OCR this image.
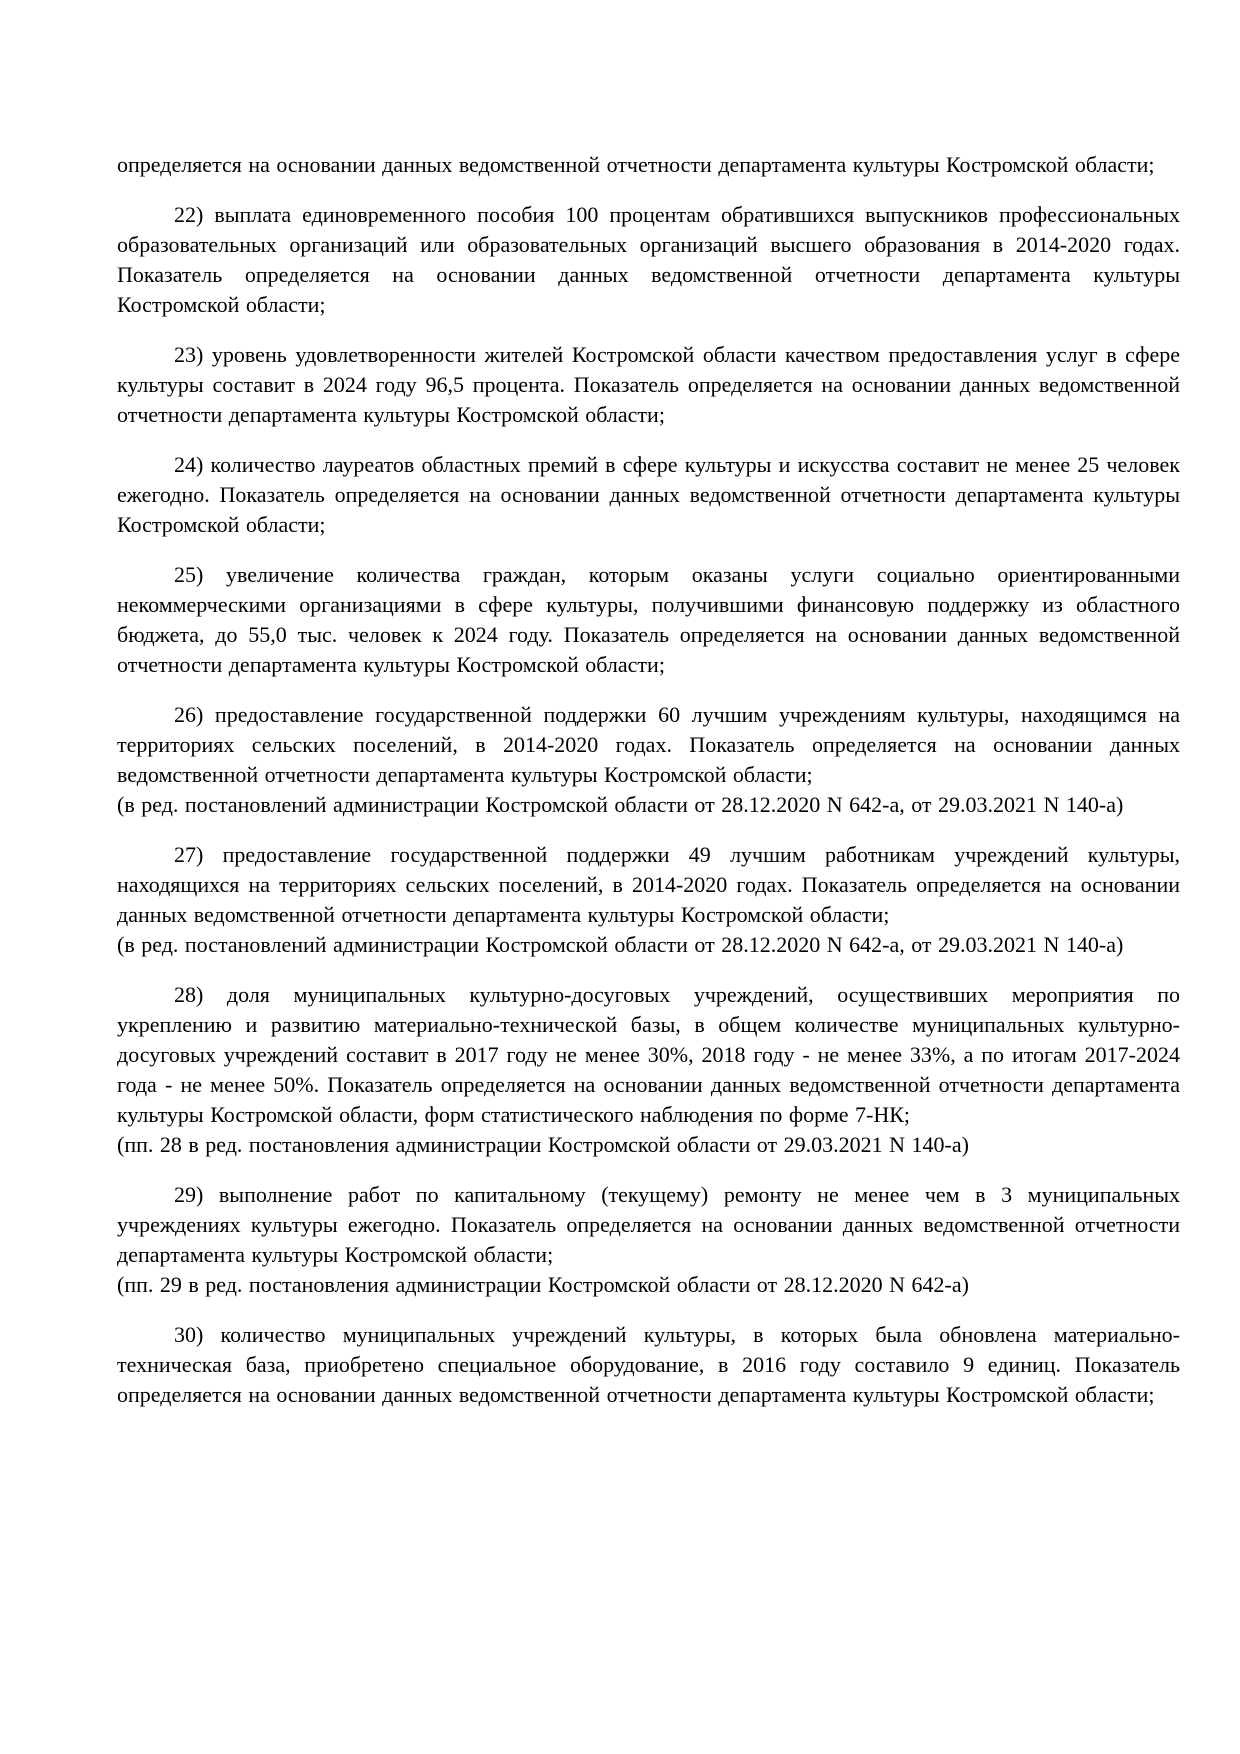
определяется на основании данных ведомственной отчетности департамента культуры Костромской области;

22) выплата единовременного пособия 100 процентам обратившихся выпускников профессиональных образовательных организаций или образовательных организаций высшего образования в 2014-2020 годах. Показатель определяется на основании данных ведомственной отчетности департамента культуры Костромской области;

23) уровень удовлетворенности жителей Костромской области качеством предоставления услуг в сфере культуры составит в 2024 году 96,5 процента. Показатель определяется на основании данных ведомственной отчетности департамента культуры Костромской области;

24) количество лауреатов областных премий в сфере культуры и искусства составит не менее 25 человек ежегодно. Показатель определяется на основании данных ведомственной отчетности департамента культуры Костромской области;

25) увеличение количества граждан, которым оказаны услуги социально ориентированными некоммерческими организациями в сфере культуры, получившими финансовую поддержку из областного бюджета, до 55,0 тыс. человек к 2024 году. Показатель определяется на основании данных ведомственной отчетности департамента культуры Костромской области;

26) предоставление государственной поддержки 60 лучшим учреждениям культуры, находящимся на территориях сельских поселений, в 2014-2020 годах. Показатель определяется на основании данных ведомственной отчетности департамента культуры Костромской области;

(в ред. постановлений администрации Костромской области от 28.12.2020 N 642-а, от 29.03.2021 N 140-а)

27) предоставление государственной поддержки 49 лучшим работникам учреждений культуры, находящихся на территориях сельских поселений, в 2014-2020 годах. Показатель определяется на основании данных ведомственной отчетности департамента культуры Костромской области;

(в ред. постановлений администрации Костромской области от 28.12.2020 N 642-а, от 29.03.2021 N 140-а)

28) доля муниципальных культурно-досуговых учреждений, осуществивших мероприятия по укреплению и развитию материально-технической базы, в общем количестве муниципальных культурно-досуговых учреждений составит в 2017 году не менее 30%, 2018 году - не менее 33%, а по итогам 2017-2024 года - не менее 50%. Показатель определяется на основании данных ведомственной отчетности департамента культуры Костромской области, форм статистического наблюдения по форме 7-НК;

(пп. 28 в ред. постановления администрации Костромской области от 29.03.2021 N 140-а)

29) выполнение работ по капитальному (текущему) ремонту не менее чем в 3 муниципальных учреждениях культуры ежегодно. Показатель определяется на основании данных ведомственной отчетности департамента культуры Костромской области;

(пп. 29 в ред. постановления администрации Костромской области от 28.12.2020 N 642-а)

30) количество муниципальных учреждений культуры, в которых была обновлена материально-техническая база, приобретено специальное оборудование, в 2016 году составило 9 единиц. Показатель определяется на основании данных ведомственной отчетности департамента культуры Костромской области;
